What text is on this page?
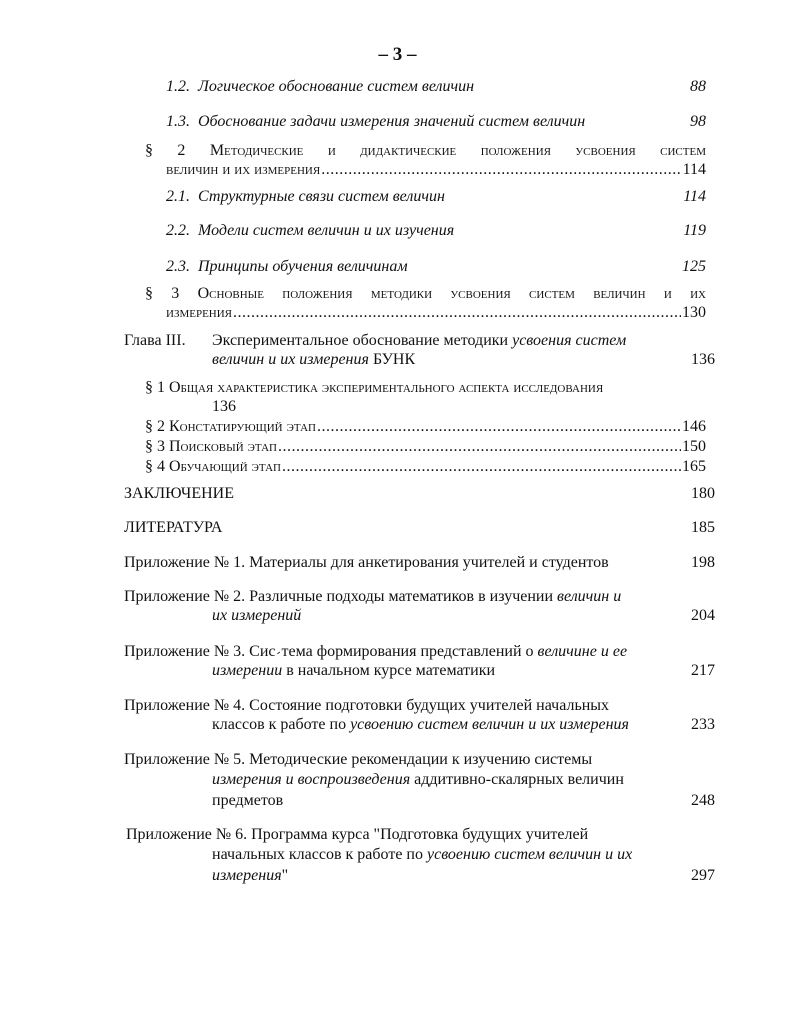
– 3 –
1.2. Логическое обоснование систем величин	88
1.3. Обоснование задачи измерения значений систем величин	98
§ 2 Методические и дидактические положения усвоения систем
величин и их измерения .....	114
2.1. Структурные связи систем величин	114
2.2. Модели систем величин и их изучения	119
2.3. Принципы обучения величинам	125
§ 3 Основные положения методики усвоения систем величин и их
измерения .....	130
Глава III. Экспериментальное обоснование методики усвоения систем
величин и их измерения БУНК	136
§ 1 Общая характеристика экспериментального аспекта исследования
136
§ 2 Констатирующий этап .....	146
§ 3 Поисковый этап .....	150
§ 4 Обучающий этап .....	165
ЗАКЛЮЧЕНИЕ	180
ЛИТЕРАТУРА	185
Приложение № 1. Материалы для анкетирования учителей и студентов	198
Приложение № 2. Различные подходы математиков в изучении величин и
их измерений	204
Приложение № 3. Сис-тема формирования представлений о величине и ее
измерении в начальном курсе математики	217
Приложение № 4. Состояние подготовки будущих учителей начальных
классов к работе по усвоению систем величин и их измерения	233
Приложение № 5. Методические рекомендации к изучению системы
измерения и воспроизведения аддитивно-скалярных величин
предметов	248
Приложение № 6. Программа курса "Подготовка будущих учителей
начальных классов к работе по усвоению систем величин и их
измерения"	297
